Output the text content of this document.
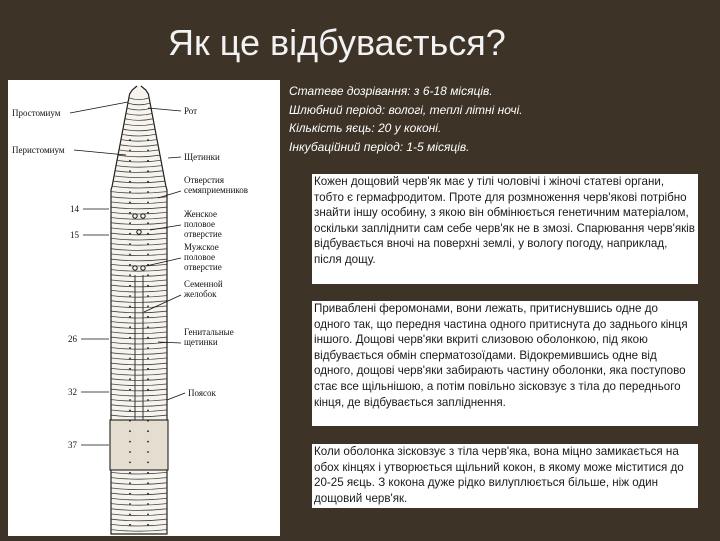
Як це відбувається?
Простомиум
Перистомиум
14
15
26
32
37
Рот
Щетинки
Отверстия
семяприемников
Женское
половое
отверстие
Мужское
половое
отверстие
Семенной
желобок
Генитальные
щетинки
Поясок
Статеве дозрівання: з 6-18 місяців.
Шлюбний період: вологі, теплі літні ночі.
Кількість яєць: 20 у коконі.
Інкубаційний період: 1-5 місяців.

Кожен дощовий черв'як має у тілі чоловічі і жіночі статеві органи, тобто є гермафродитом. Проте для розмноження черв'якові потрібно знайти іншу особину, з якою він обмінюється генетичним матеріалом, оскільки запліднити сам себе черв'як не в змозі. Спарювання черв'яків відбувається вночі на поверхні землі, у вологу погоду, наприклад, після дощу.

Приваблені феромонами, вони лежать, притиснувшись одне до одного так, що передня частина одного притиснута до заднього кінця іншого. Дощові черв'яки вкриті слизовою оболонкою, під якою відбувається обмін сперматозоїдами. Відокремившись одне від одного, дощові черв'яки забирають частину оболонки, яка поступово стає все щільнішою, а потім повільно зісковзує з тіла до переднього кінця, де відбувається запліднення.

Коли оболонка зісковзує з тіла черв'яка, вона міцно замикається на обох кінцях і утворюється щільний кокон, в якому може міститися до 20-25 яєць. З кокона дуже рідко вилуплюється більше, ніж один дощовий черв'як.
